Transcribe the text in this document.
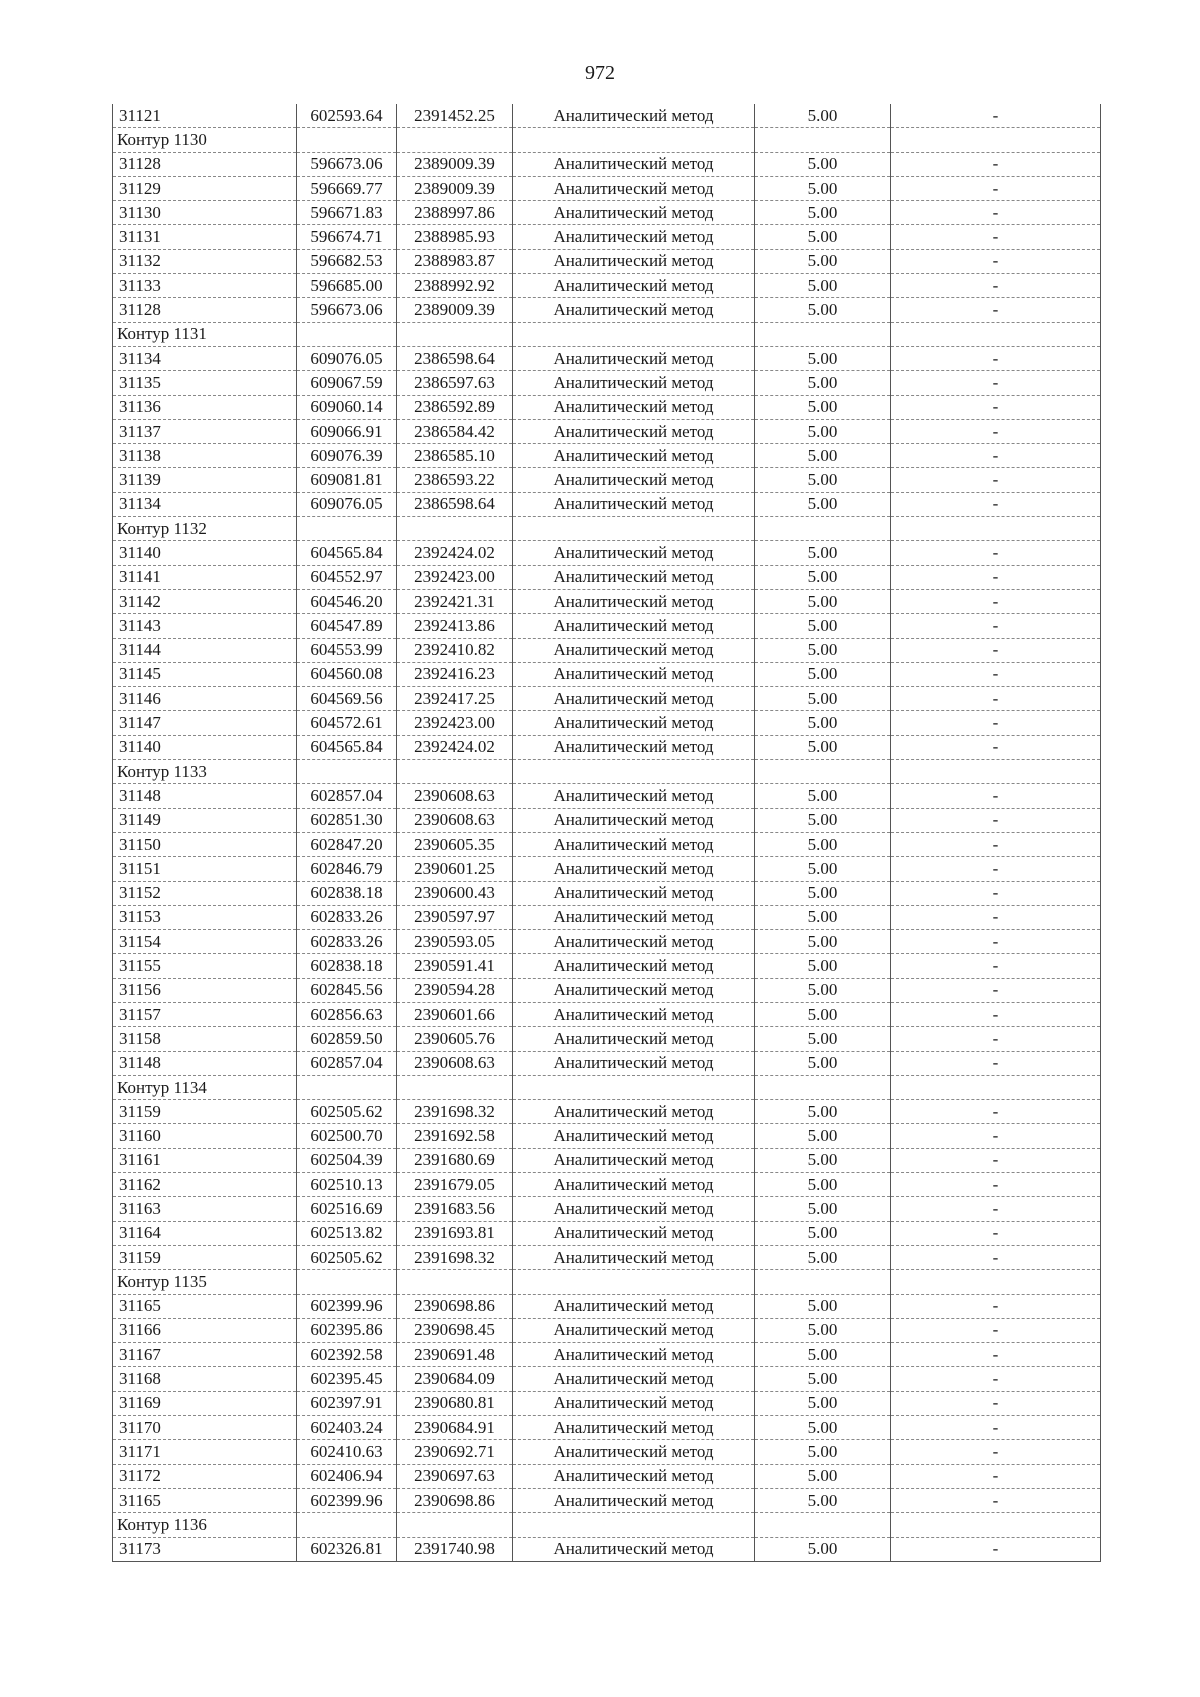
972
31121	602593.64	2391452.25	Аналитический метод	5.00	-
Контур 1130					
31128	596673.06	2389009.39	Аналитический метод	5.00	-
31129	596669.77	2389009.39	Аналитический метод	5.00	-
31130	596671.83	2388997.86	Аналитический метод	5.00	-
31131	596674.71	2388985.93	Аналитический метод	5.00	-
31132	596682.53	2388983.87	Аналитический метод	5.00	-
31133	596685.00	2388992.92	Аналитический метод	5.00	-
31128	596673.06	2389009.39	Аналитический метод	5.00	-
Контур 1131					
31134	609076.05	2386598.64	Аналитический метод	5.00	-
31135	609067.59	2386597.63	Аналитический метод	5.00	-
31136	609060.14	2386592.89	Аналитический метод	5.00	-
31137	609066.91	2386584.42	Аналитический метод	5.00	-
31138	609076.39	2386585.10	Аналитический метод	5.00	-
31139	609081.81	2386593.22	Аналитический метод	5.00	-
31134	609076.05	2386598.64	Аналитический метод	5.00	-
Контур 1132					
31140	604565.84	2392424.02	Аналитический метод	5.00	-
31141	604552.97	2392423.00	Аналитический метод	5.00	-
31142	604546.20	2392421.31	Аналитический метод	5.00	-
31143	604547.89	2392413.86	Аналитический метод	5.00	-
31144	604553.99	2392410.82	Аналитический метод	5.00	-
31145	604560.08	2392416.23	Аналитический метод	5.00	-
31146	604569.56	2392417.25	Аналитический метод	5.00	-
31147	604572.61	2392423.00	Аналитический метод	5.00	-
31140	604565.84	2392424.02	Аналитический метод	5.00	-
Контур 1133					
31148	602857.04	2390608.63	Аналитический метод	5.00	-
31149	602851.30	2390608.63	Аналитический метод	5.00	-
31150	602847.20	2390605.35	Аналитический метод	5.00	-
31151	602846.79	2390601.25	Аналитический метод	5.00	-
31152	602838.18	2390600.43	Аналитический метод	5.00	-
31153	602833.26	2390597.97	Аналитический метод	5.00	-
31154	602833.26	2390593.05	Аналитический метод	5.00	-
31155	602838.18	2390591.41	Аналитический метод	5.00	-
31156	602845.56	2390594.28	Аналитический метод	5.00	-
31157	602856.63	2390601.66	Аналитический метод	5.00	-
31158	602859.50	2390605.76	Аналитический метод	5.00	-
31148	602857.04	2390608.63	Аналитический метод	5.00	-
Контур 1134					
31159	602505.62	2391698.32	Аналитический метод	5.00	-
31160	602500.70	2391692.58	Аналитический метод	5.00	-
31161	602504.39	2391680.69	Аналитический метод	5.00	-
31162	602510.13	2391679.05	Аналитический метод	5.00	-
31163	602516.69	2391683.56	Аналитический метод	5.00	-
31164	602513.82	2391693.81	Аналитический метод	5.00	-
31159	602505.62	2391698.32	Аналитический метод	5.00	-
Контур 1135					
31165	602399.96	2390698.86	Аналитический метод	5.00	-
31166	602395.86	2390698.45	Аналитический метод	5.00	-
31167	602392.58	2390691.48	Аналитический метод	5.00	-
31168	602395.45	2390684.09	Аналитический метод	5.00	-
31169	602397.91	2390680.81	Аналитический метод	5.00	-
31170	602403.24	2390684.91	Аналитический метод	5.00	-
31171	602410.63	2390692.71	Аналитический метод	5.00	-
31172	602406.94	2390697.63	Аналитический метод	5.00	-
31165	602399.96	2390698.86	Аналитический метод	5.00	-
Контур 1136					
31173	602326.81	2391740.98	Аналитический метод	5.00	-
